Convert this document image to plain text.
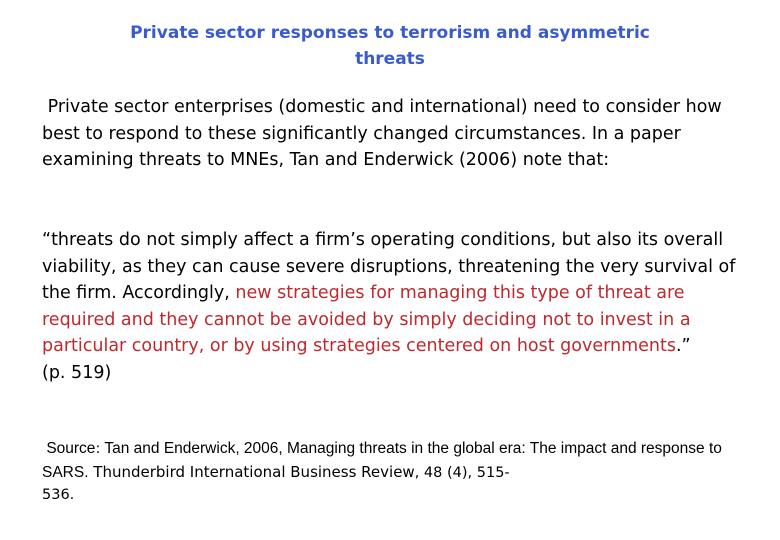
Private sector responses to terrorism and asymmetric
threats
Private sector enterprises (domestic and international) need to consider how best to respond to these significantly changed circumstances. In a paper examining threats to MNEs, Tan and Enderwick (2006) note that:
“threats do not simply affect a firm’s operating conditions, but also its overall viability, as they can cause severe disruptions, threatening the very survival of the firm. Accordingly, new strategies for managing this type of threat are required and they cannot be avoided by simply deciding not to invest in a particular country, or by using strategies centered on host governments.”
(p. 519)
Source: Tan and Enderwick, 2006, Managing threats in the global era: The impact and response to SARS. Thunderbird International Business Review, 48 (4), 515-
536.
